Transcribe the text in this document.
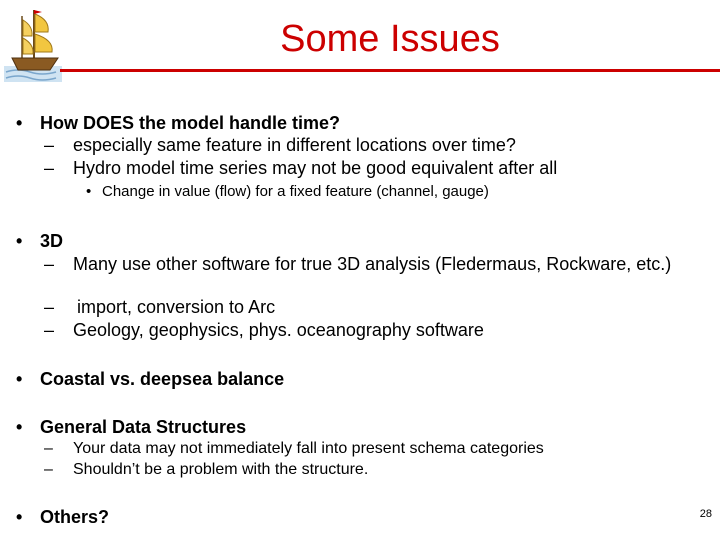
Some Issues
• How DOES the model handle time?
– especially same feature in different locations over time?
– Hydro model time series may not be good equivalent after all
• Change in value (flow) for a fixed feature (channel, gauge)
• 3D
– Many use other software for true 3D analysis (Fledermaus, Rockware, etc.)
– import, conversion to Arc
– Geology, geophysics, phys. oceanography software
• Coastal vs. deepsea balance
• General Data Structures
– Your data may not immediately fall into present schema categories
– Shouldn’t be a problem with the structure.
• Others?	28
